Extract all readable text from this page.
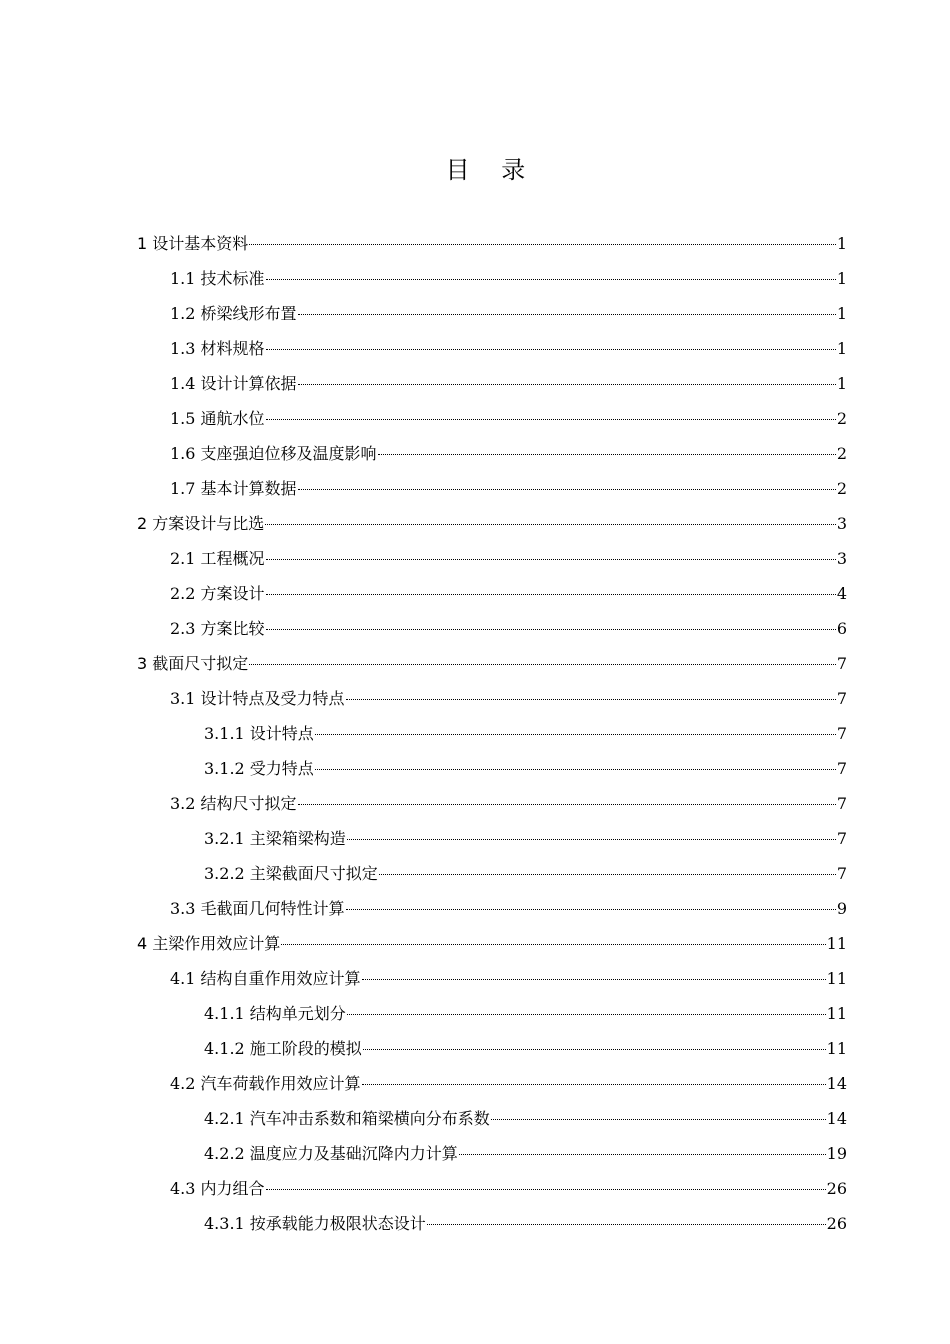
目 录
1 设计基本资料	1
1.1 技术标准	1
1.2 桥梁线形布置	1
1.3 材料规格	1
1.4 设计计算依据	1
1.5 通航水位	2
1.6 支座强迫位移及温度影响	2
1.7 基本计算数据	2
2 方案设计与比选	3
2.1 工程概况	3
2.2 方案设计	4
2.3 方案比较	6
3 截面尺寸拟定	7
3.1 设计特点及受力特点	7
3.1.1 设计特点	7
3.1.2 受力特点	7
3.2 结构尺寸拟定	7
3.2.1 主梁箱梁构造	7
3.2.2 主梁截面尺寸拟定	7
3.3 毛截面几何特性计算	9
4 主梁作用效应计算	11
4.1 结构自重作用效应计算	11
4.1.1 结构单元划分	11
4.1.2 施工阶段的模拟	11
4.2 汽车荷载作用效应计算	14
4.2.1 汽车冲击系数和箱梁横向分布系数	14
4.2.2 温度应力及基础沉降内力计算	19
4.3 内力组合	26
4.3.1 按承载能力极限状态设计	26
